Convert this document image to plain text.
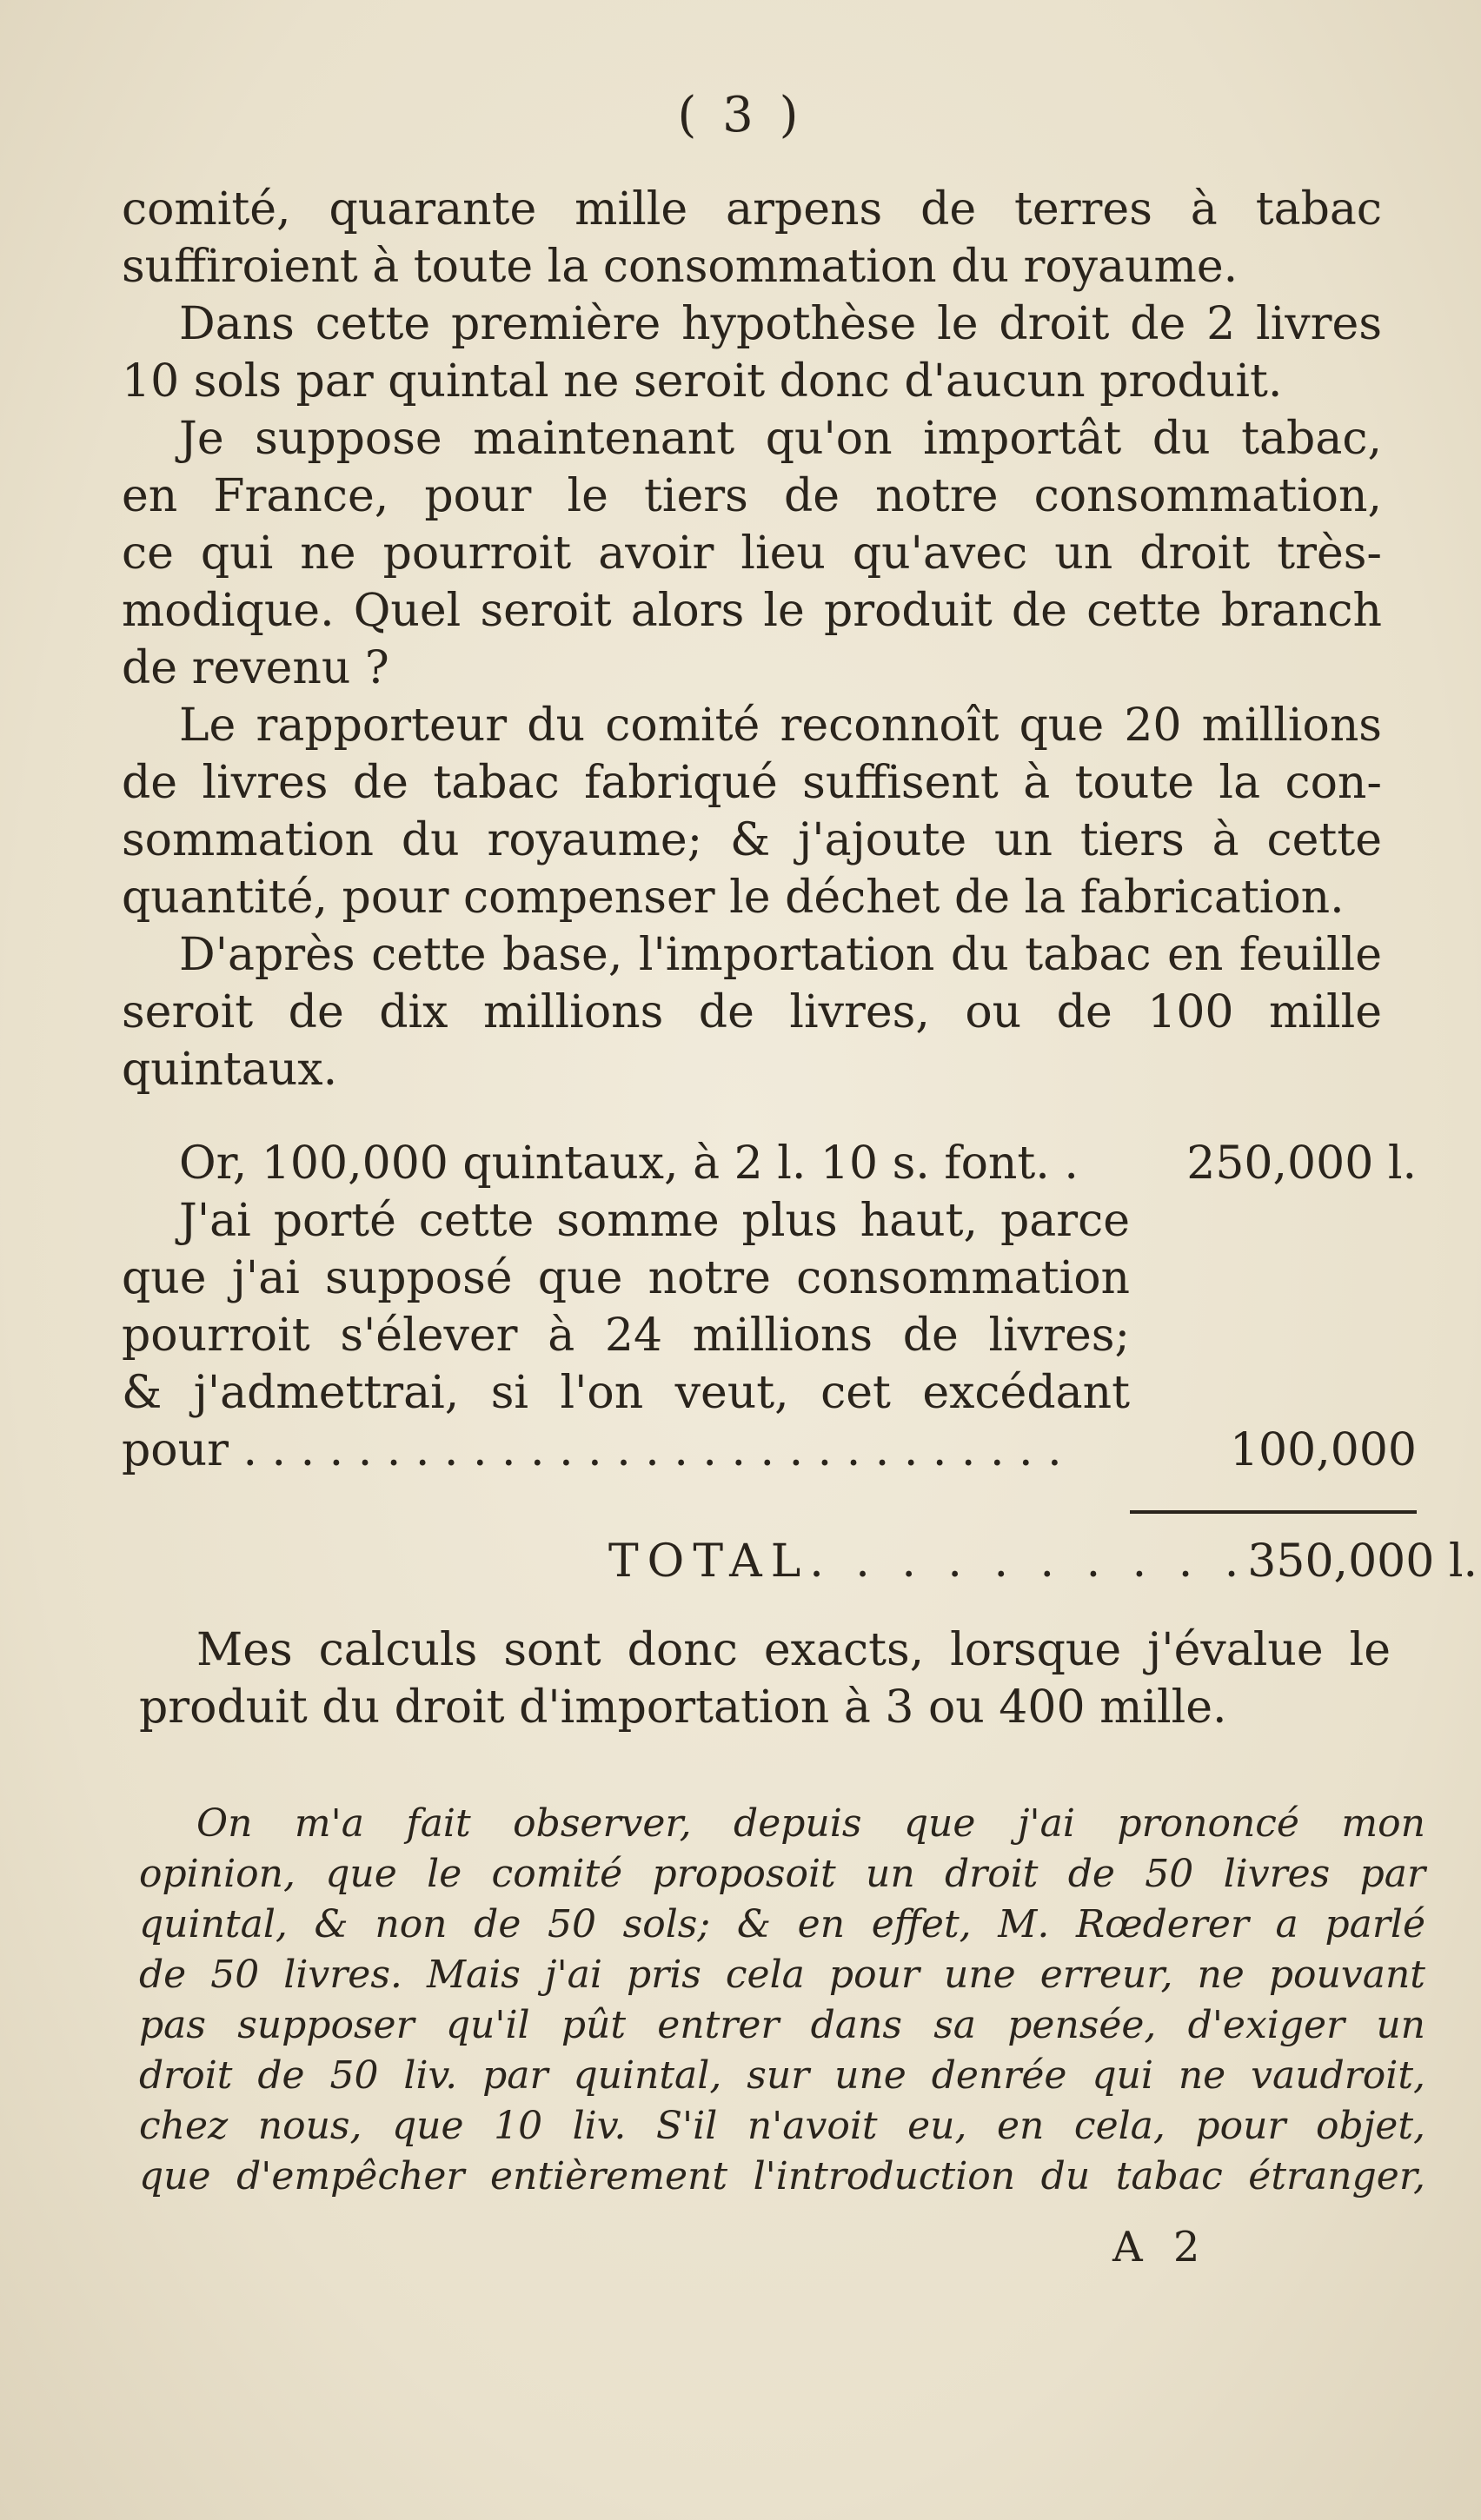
( 3 )
comité, quarante mille arpens de terres à tabac
suffiroient à toute la consommation du royaume.
Dans cette première hypothèse le droit de 2 livres
10 sols par quintal ne seroit donc d'aucun produit.
Je suppose maintenant qu'on importât du tabac,
en France, pour le tiers de notre consommation,
ce qui ne pourroit avoir lieu qu'avec un droit très-
modique. Quel seroit alors le produit de cette branch
de revenu ?
Le rapporteur du comité reconnoît que 20 millions
de livres de tabac fabriqué suffisent à toute la con-
sommation du royaume; & j'ajoute un tiers à cette
quantité, pour compenser le déchet de la fabrication.
D'après cette base, l'importation du tabac en feuille
seroit de dix millions de livres, ou de 100 mille
quintaux.
Or, 100,000 quintaux, à 2 l. 10 s. font. . 250,000 l.
J'ai porté cette somme plus haut, parce
que j'ai supposé que notre consommation
pourroit s'élever à 24 millions de livres;
& j'admettrai, si l'on veut, cet excédant
pour . . . . . . . . . . . . . . . . . . . . . . . . . . . . .	100,000
TOTAL. . . . . . . . . . 350,000 l.
Mes calculs sont donc exacts, lorsque j'évalue le
produit du droit d'importation à 3 ou 400 mille.
On m'a fait observer, depuis que j'ai prononcé mon
opinion, que le comité proposoit un droit de 50 livres par
quintal, & non de 50 sols; & en effet, M. Rœderer a parlé
de 50 livres. Mais j'ai pris cela pour une erreur, ne pouvant
pas supposer qu'il pût entrer dans sa pensée, d'exiger un
droit de 50 liv. par quintal, sur une denrée qui ne vaudroit,
chez nous, que 10 liv. S'il n'avoit eu, en cela, pour objet,
que d'empêcher entièrement l'introduction du tabac étranger,
A 2
